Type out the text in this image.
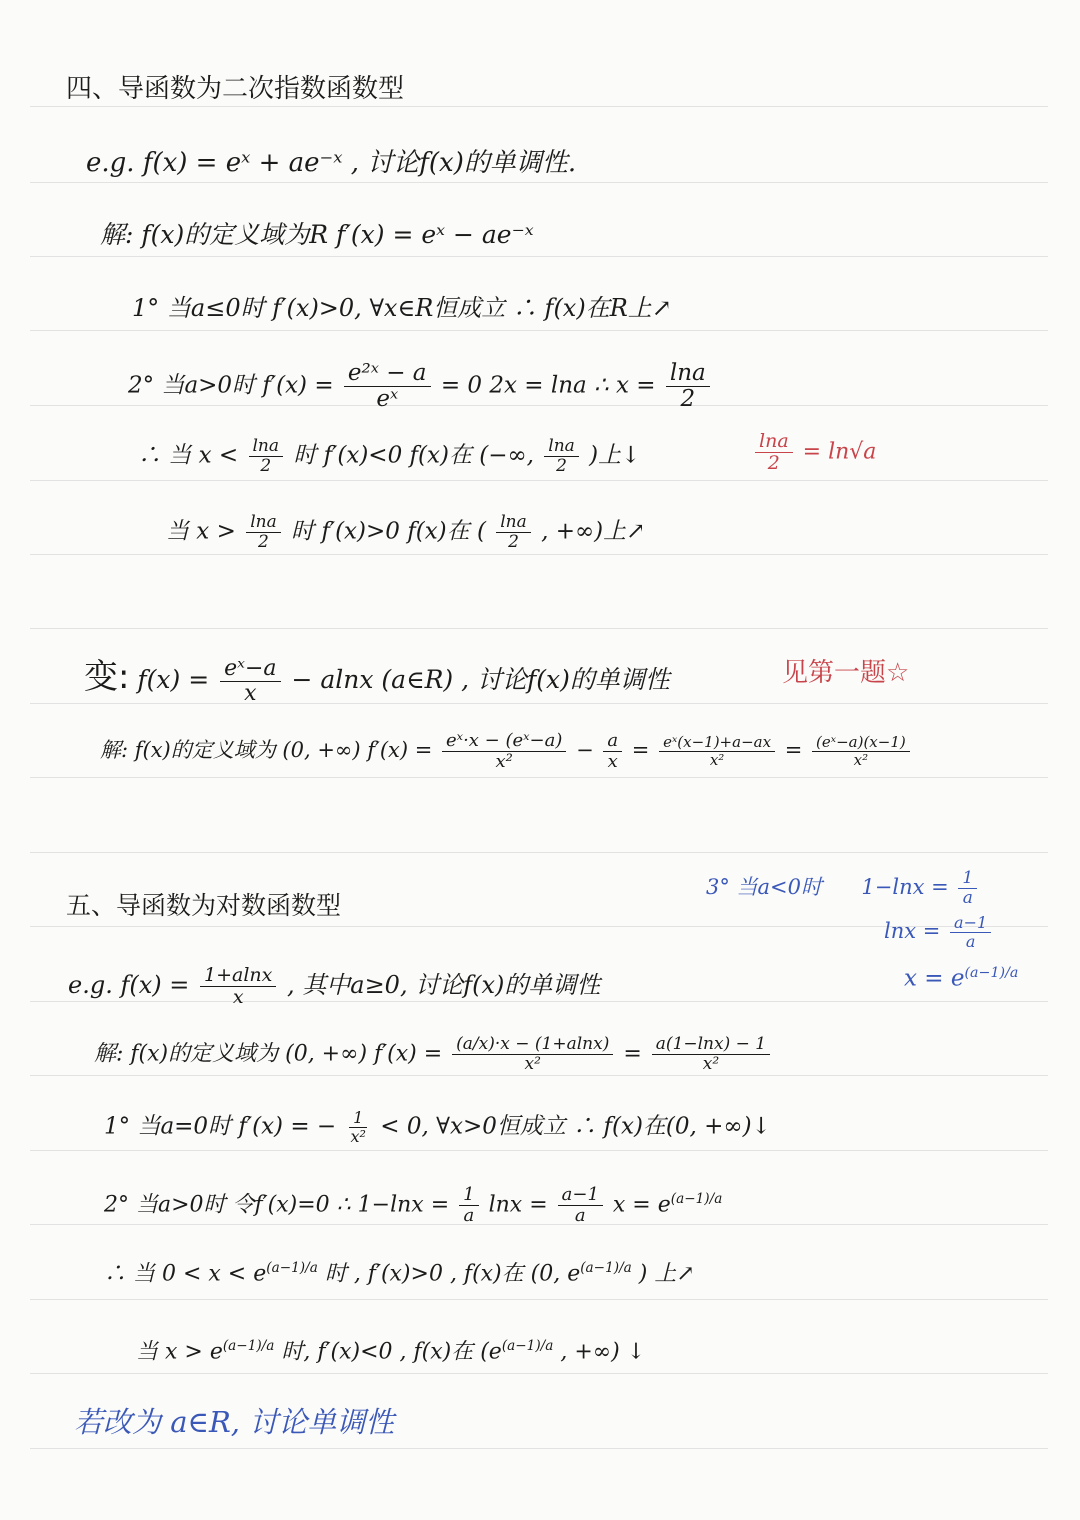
四、导函数为二次指数函数型
e.g. f(x) = eˣ + ae⁻ˣ , 讨论f(x)的单调性.
解: f(x)的定义域为R f′(x) = eˣ − ae⁻ˣ
1° 当a≤0时 f′(x)>0, ∀x∈R恒成立 ∴ f(x)在R上↗
2° 当a>0时 $f'(x) = \frac{\text{e²ˣ − a}}{\text{eˣ}} = 0$ 2x = lna ∴ $x = \frac{\ln a}{2}$
∴ 当 $x < \frac{\ln a}{2}$ 时 f′(x)<0 f(x)在 (−∞, $\frac{\ln a}{2}$ )上↓	$\frac{\ln a}{2} = \ln√a$
当 $x > \frac{\ln a}{2}$ 时 f′(x)>0 f(x)在 ( $\frac{\ln a}{2}$ , +∞)上↗
变: $f(x) = \frac{\text{eˣ−a}}{x} - alnx$ (a∈R) , 讨论f(x)的单调性	见第一题☆
解: f(x)的定义域为 (0, +∞) $f'(x) = \frac{\text{eˣ·x − (eˣ−a)}}{\text{x²}} - \frac{a}{x} = \frac{\text{eˣ(x−1)+a−ax}}{\text{x²}} = \frac{\text{(eˣ−a)(x−1)}}{\text{x²}}$
五、导函数为对数函数型
3° 当a<0时 $1-\ln x = \frac{1}{a}$
$\ln x = \frac{a-1}{a}$
$x = e^{(a-1)/a}$
e.g. $f(x) = \frac{1+alnx}{x}$ , 其中a≥0, 讨论f(x)的单调性
解: f(x)的定义域为 (0, +∞) $f'(x) = \frac{(a/x)\cdot x - (1+alnx)}{\text{x²}} = \frac{a(1-\ln x) - 1}{\text{x²}}$
1° 当a=0时 f′(x) = − $\frac{1}{\text{x²}} < 0$, ∀x>0恒成立 ∴ f(x)在(0, +∞)↓
2° 当a>0时 令f′(x)=0 ∴ $1-\ln x = \frac{1}{a}$ $\ln x = \frac{a-1}{a}$ $x = e^{(a-1)/a}$
∴ 当 $0 < x < e^{(a-1)/a}$ 时 , f′(x)>0 , f(x)在 (0, $e^{(a-1)/a}$ ) 上↗
当 $x > e^{(a-1)/a}$ 时, f′(x)<0 , f(x)在 ($e^{(a-1)/a}$ , +∞) ↓
若改为 a∈R, 讨论单调性
